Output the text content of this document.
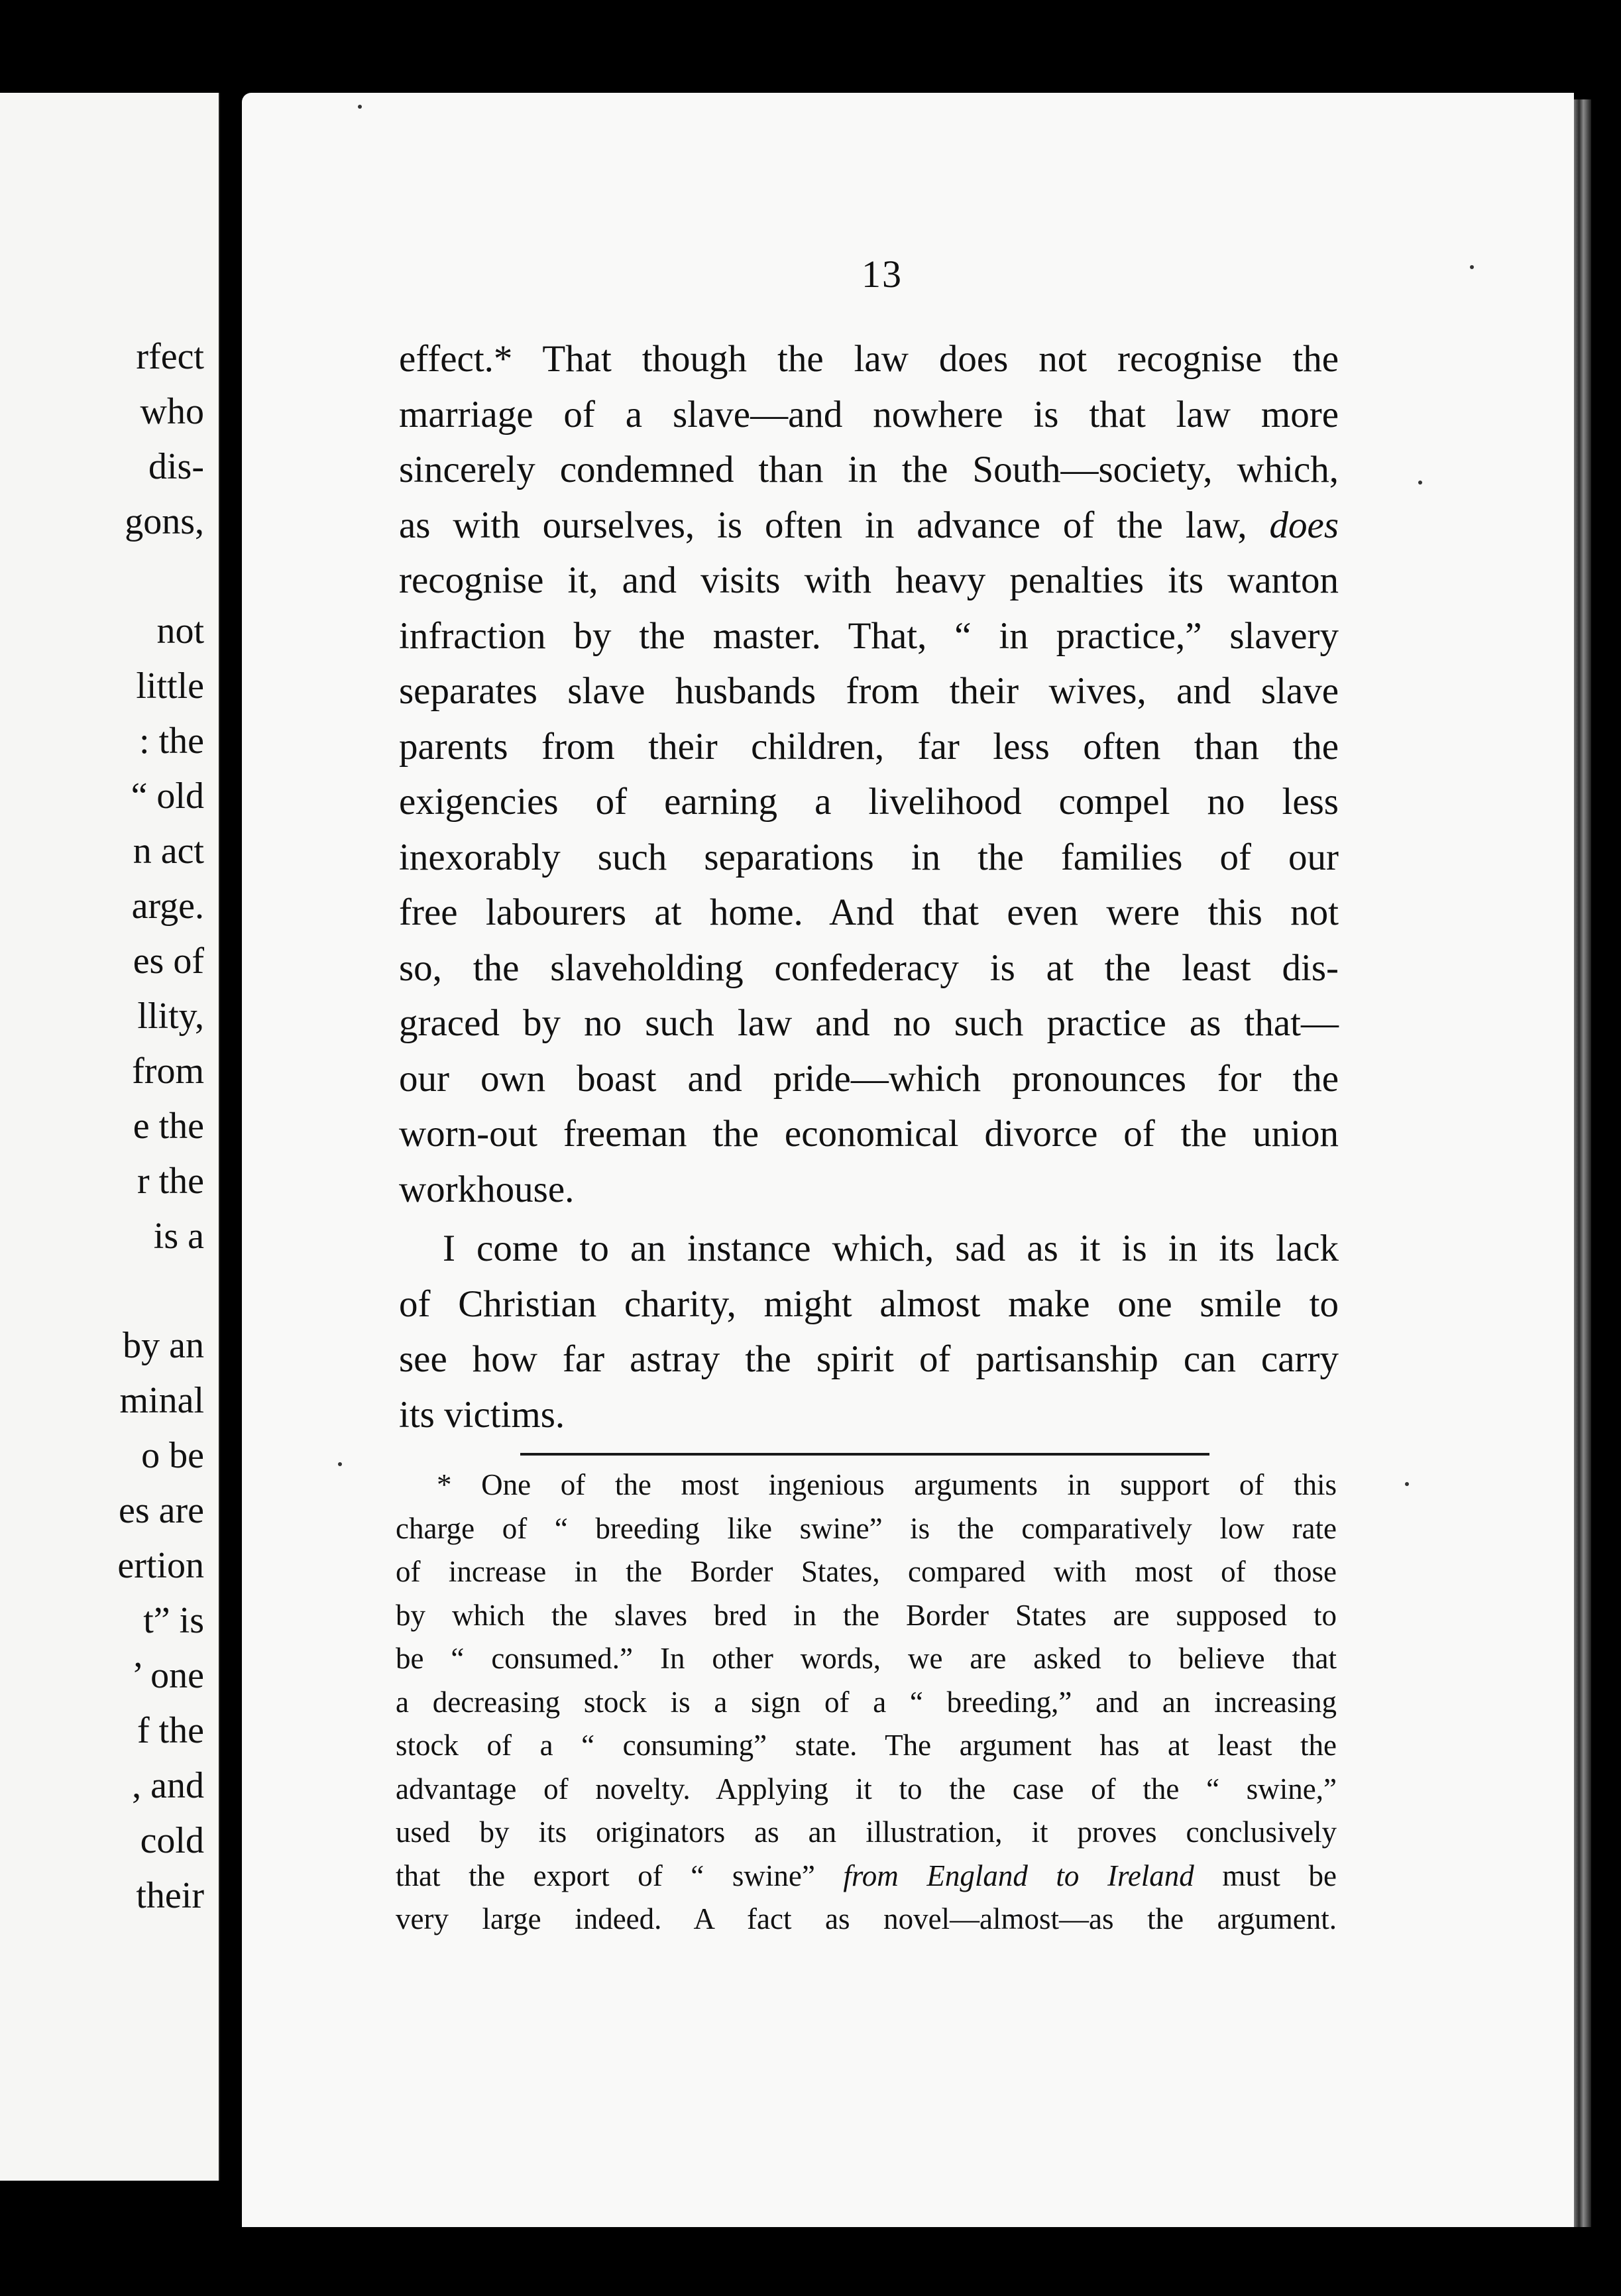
rfect
who
dis-
gons,
not
little
: the
“ old
n act
arge.
es of
llity,
from
e the
r the
is a
by an
minal
o be
es are
ertion
t” is
’ one
f the
, and
cold
their
13
effect.* That though the law does not recognise the
marriage of a slave—and nowhere is that law more
sincerely condemned than in the South—society, which,
as with ourselves, is often in advance of the law, does
recognise it, and visits with heavy penalties its wanton
infraction by the master. That, “ in practice,” slavery
separates slave husbands from their wives, and slave
parents from their children, far less often than the
exigencies of earning a livelihood compel no less
inexorably such separations in the families of our
free labourers at home. And that even were this not
so, the slaveholding confederacy is at the least dis-
graced by no such law and no such practice as that—
our own boast and pride—which pronounces for the
worn-out freeman the economical divorce of the union
workhouse.
I come to an instance which, sad as it is in its lack
of Christian charity, might almost make one smile to
see how far astray the spirit of partisanship can carry
its victims.
* One of the most ingenious arguments in support of this
charge of “ breeding like swine” is the comparatively low rate
of increase in the Border States, compared with most of those
by which the slaves bred in the Border States are supposed to
be “ consumed.” In other words, we are asked to believe that
a decreasing stock is a sign of a “ breeding,” and an increasing
stock of a “ consuming” state. The argument has at least the
advantage of novelty. Applying it to the case of the “ swine,”
used by its originators as an illustration, it proves conclusively
that the export of “ swine” from England to Ireland must be
very large indeed. A fact as novel—almost—as the argument.
